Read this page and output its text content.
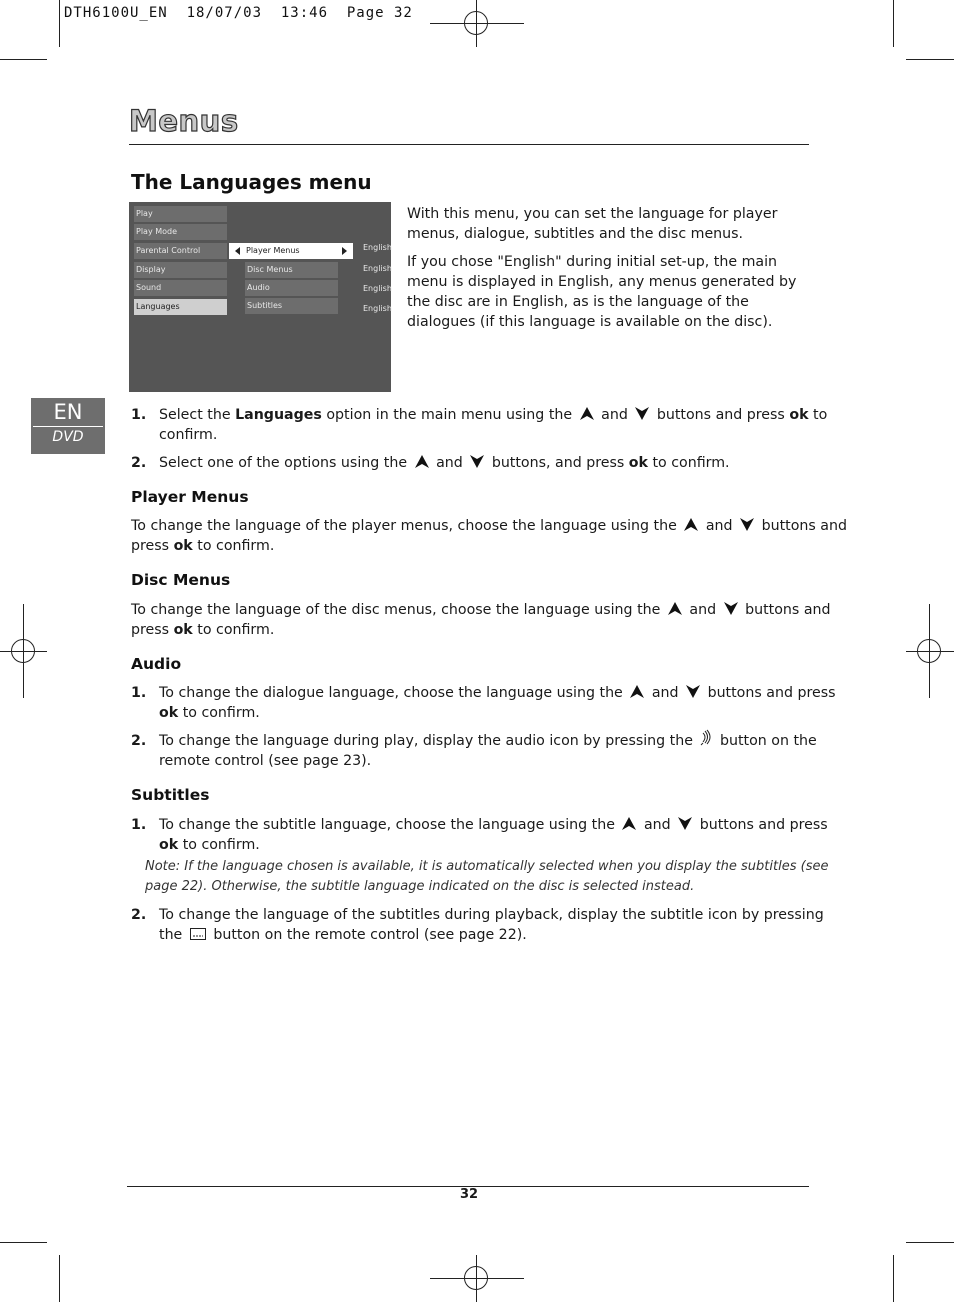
DTH6100U_EN  18/07/03  13:46  Page 32
Menus
The Languages menu
Play
Play Mode
Parental Control
Display
Sound
Languages
Player Menus
Disc Menus
Audio
Subtitles
English
English
English
English

With this menu, you can set the language for player menus, dialogue, subtitles and the disc menus.

If you chose "English" during initial set-up, the main menu is displayed in English, any menus generated by the disc are in English, as is the language of the dialogues (if this language is available on the disc).

EN
DVD
1. Select the Languages option in the main menu using the and buttons and press ok to
confirm.
2. Select one of the options using the and buttons, and press ok to confirm.
Player Menus
To change the language of the player menus, choose the language using the and buttons and
press ok to confirm.
Disc Menus
To change the language of the disc menus, choose the language using the and buttons and
press ok to confirm.
Audio
1. To change the dialogue language, choose the language using the and buttons and press
ok to confirm.
2. To change the language during play, display the audio icon by pressing the button on the
remote control (see page 23).
Subtitles
1. To change the subtitle language, choose the language using the and buttons and press
ok to confirm.
Note: If the language chosen is available, it is automatically selected when you display the subtitles (see
page 22). Otherwise, the subtitle language indicated on the disc is selected instead.
2. To change the language of the subtitles during playback, display the subtitle icon by pressing
the button on the remote control (see page 22).
32
